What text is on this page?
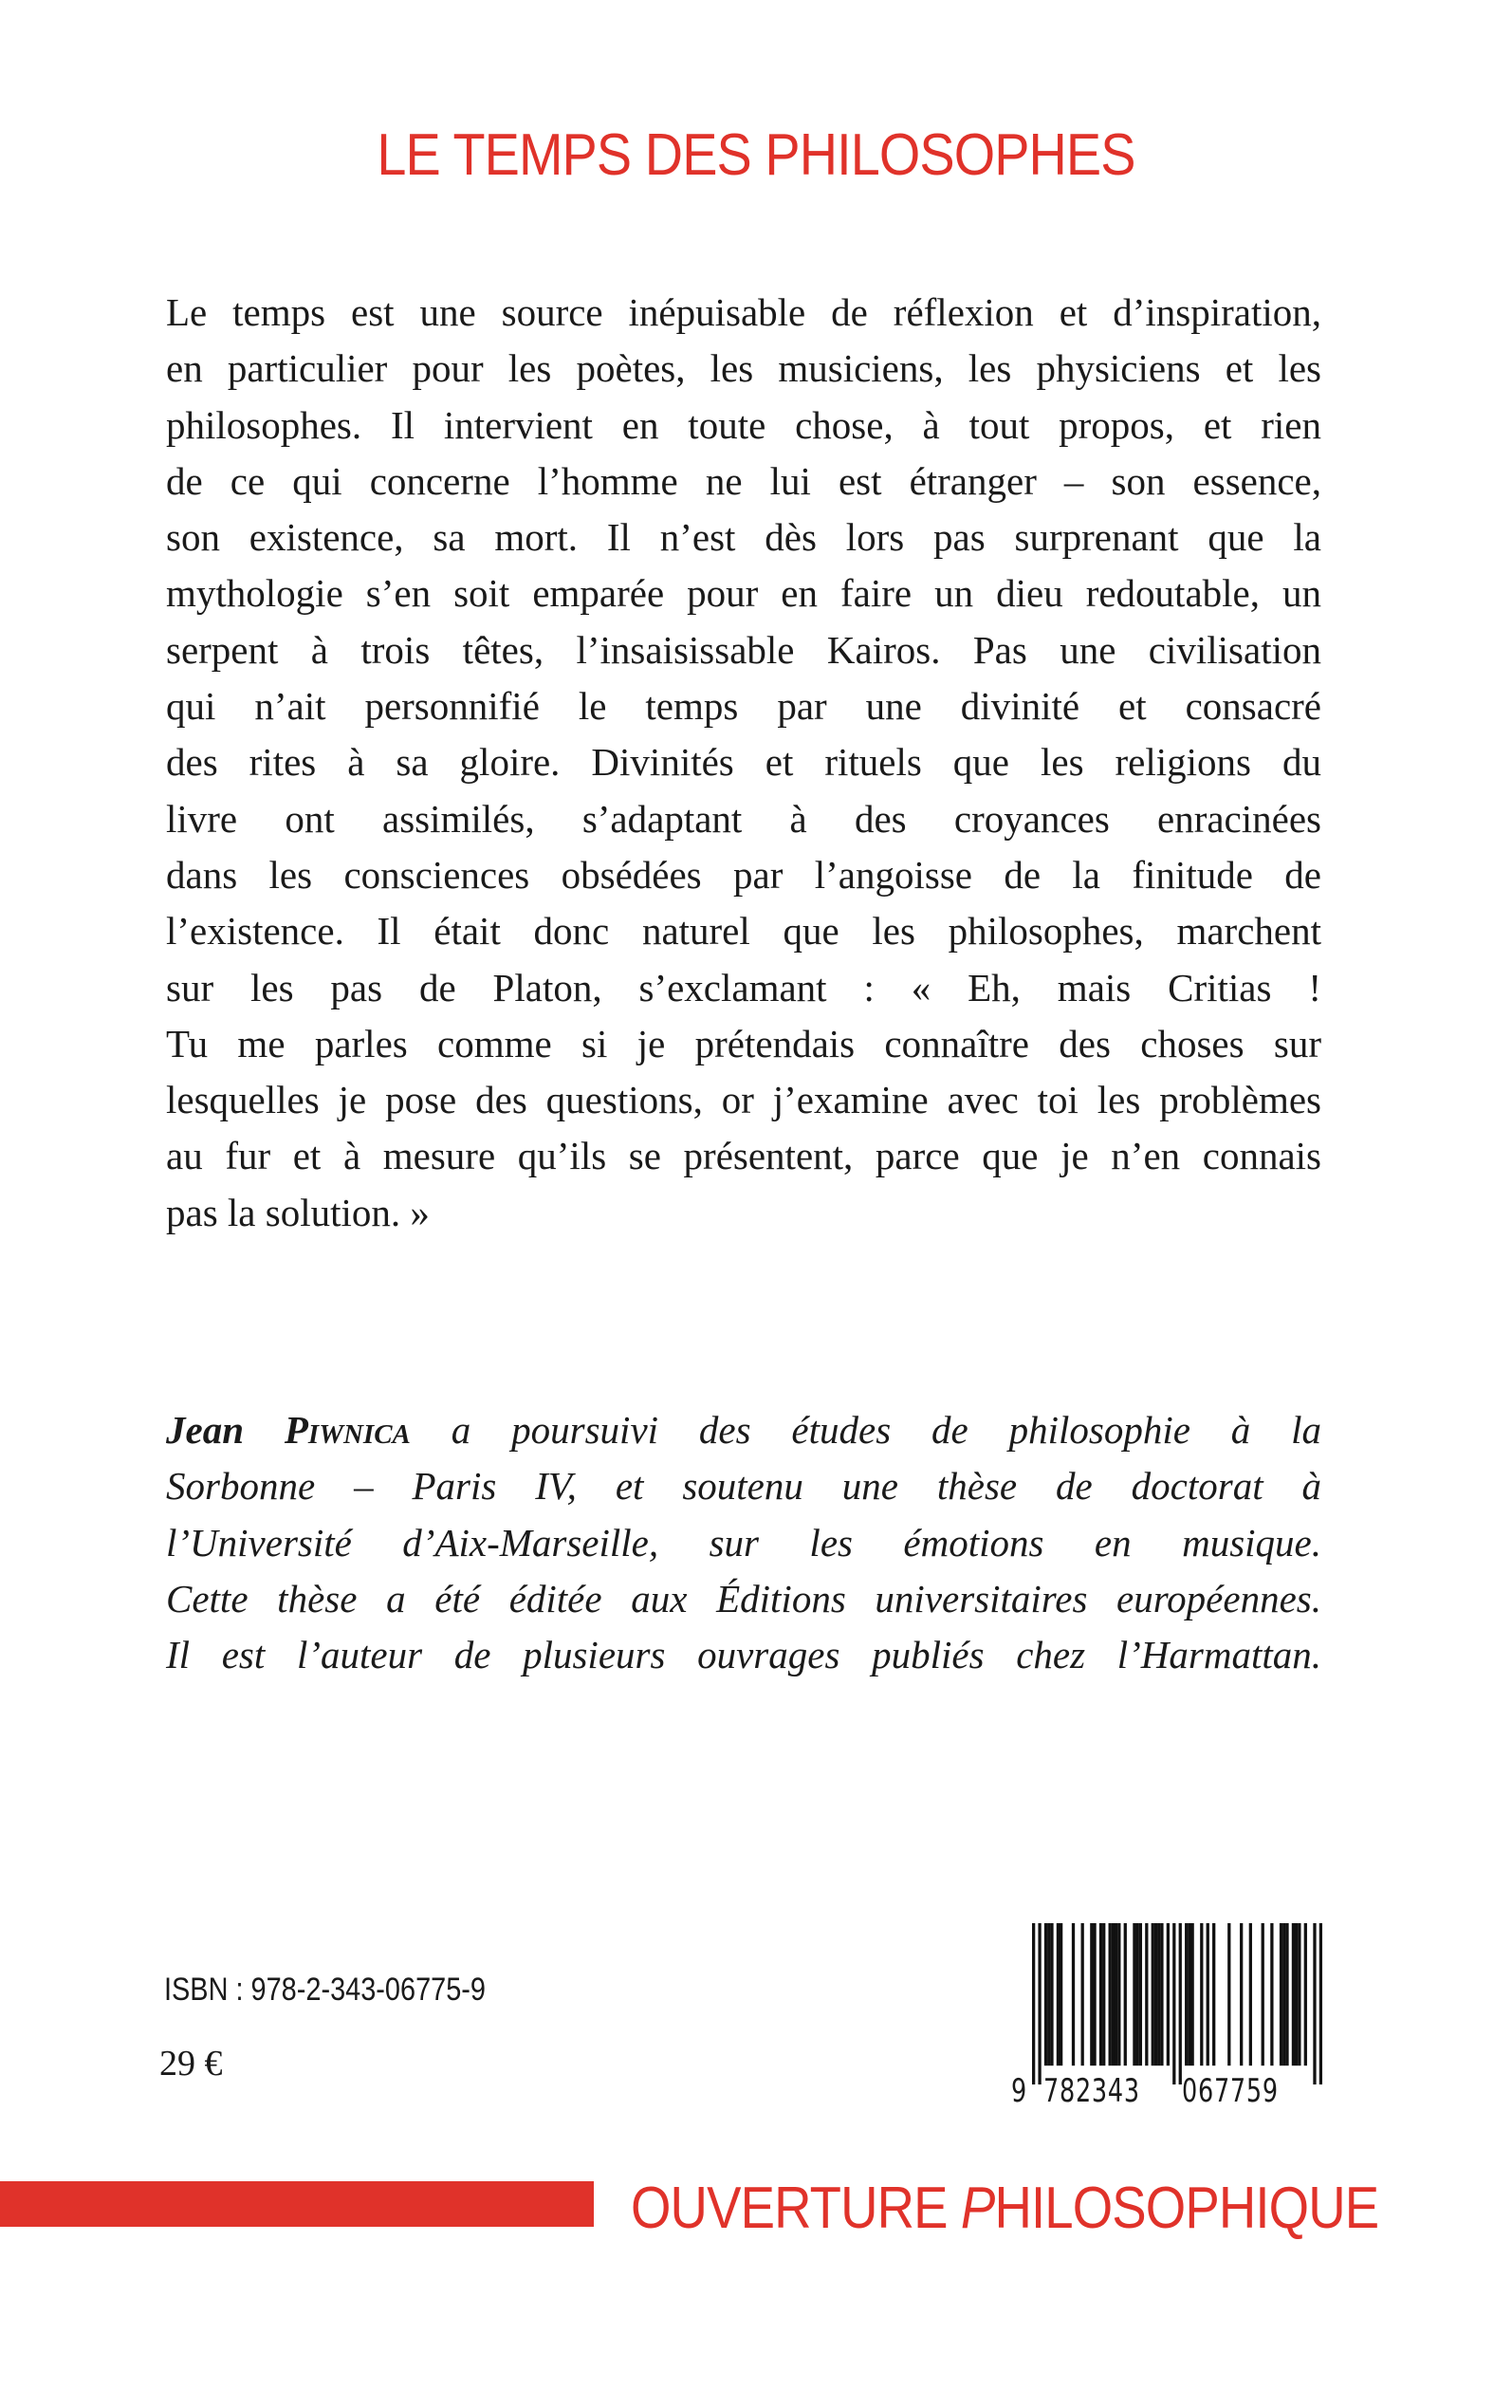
LE TEMPS DES PHILOSOPHES
Le temps est une source inépuisable de réflexion et d’inspiration,
en particulier pour les poètes, les musiciens, les physiciens et les
philosophes. Il intervient en toute chose, à tout propos, et rien
de ce qui concerne l’homme ne lui est étranger – son essence,
son existence, sa mort. Il n’est dès lors pas surprenant que la
mythologie s’en soit emparée pour en faire un dieu redoutable, un
serpent à trois têtes, l’insaisissable Kairos. Pas une civilisation
qui n’ait personnifié le temps par une divinité et consacré
des rites à sa gloire. Divinités et rituels que les religions du
livre ont assimilés, s’adaptant à des croyances enracinées
dans les consciences obsédées par l’angoisse de la finitude de
l’existence. Il était donc naturel que les philosophes, marchent
sur les pas de Platon, s’exclamant : « Eh, mais Critias !
Tu me parles comme si je prétendais connaître des choses sur
lesquelles je pose des questions, or j’examine avec toi les problèmes
au fur et à mesure qu’ils se présentent, parce que je n’en connais
pas la solution. »
Jean Piwnica a poursuivi des études de philosophie à la
Sorbonne – Paris IV, et soutenu une thèse de doctorat à
l’Université d’Aix-Marseille, sur les émotions en musique.
Cette thèse a été éditée aux Éditions universitaires européennes.
Il est l’auteur de plusieurs ouvrages publiés chez l’Harmattan.
ISBN : 978-2-343-06775-9
29 €
9 782343 067759
OUVERTURE PHILOSOPHIQUE
